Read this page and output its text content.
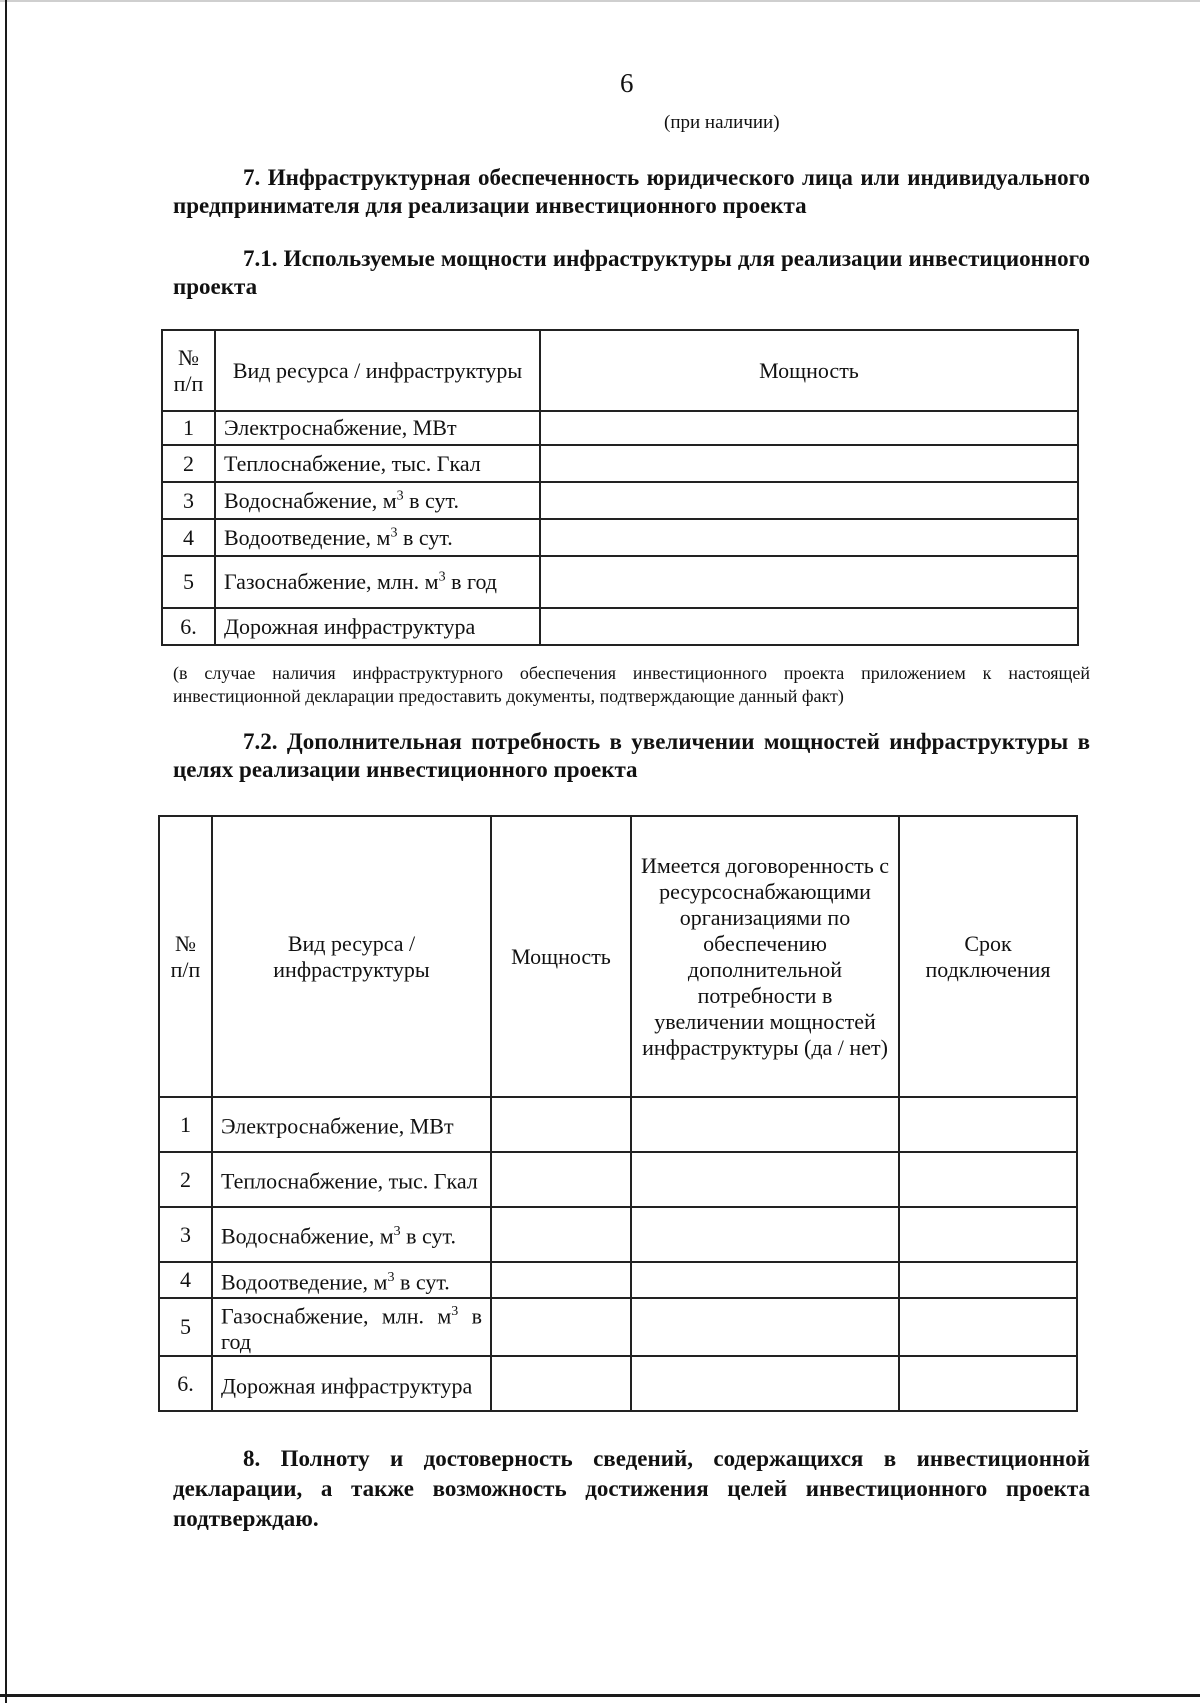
6
(при наличии)
7. Инфраструктурная обеспеченность юридического лица или индивидуального предпринимателя для реализации инвестиционного проекта
7.1. Используемые мощности инфраструктуры для реализации инвестиционного проекта
№ п/п	Вид ресурса / инфраструктуры	Мощность
1	Электроснабжение, МВт	
2	Теплоснабжение, тыс. Гкал	
3	Водоснабжение, $м^3$ в сут.	
4	Водоотведение, $м^3$ в сут.	
5	Газоснабжение, млн. $м^3$ в год	
6.	Дорожная инфраструктура	
(в случае наличия инфраструктурного обеспечения инвестиционного проекта приложением к настоящей инвестиционной декларации предоставить документы, подтверждающие данный факт)
7.2. Дополнительная потребность в увеличении мощностей инфраструктуры в целях реализации инвестиционного проекта
№ п/п	Вид ресурса / инфраструктуры	Мощность	Имеется договоренность с ресурсоснабжающими организациями по обеспечению дополнительной потребности в увеличении мощностей инфраструктуры (да / нет)	Срок подключения
1	Электроснабжение, МВт			
2	Теплоснабжение, тыс. Гкал			
3	Водоснабжение, $м^3$ в сут.			
4	Водоотведение, $м^3$ в сут.			
5	Газоснабжение, млн. $м^3$ в год			
6.	Дорожная инфраструктура			
8. Полноту и достоверность сведений, содержащихся в инвестиционной декларации, а также возможность достижения целей инвестиционного проекта подтверждаю.
